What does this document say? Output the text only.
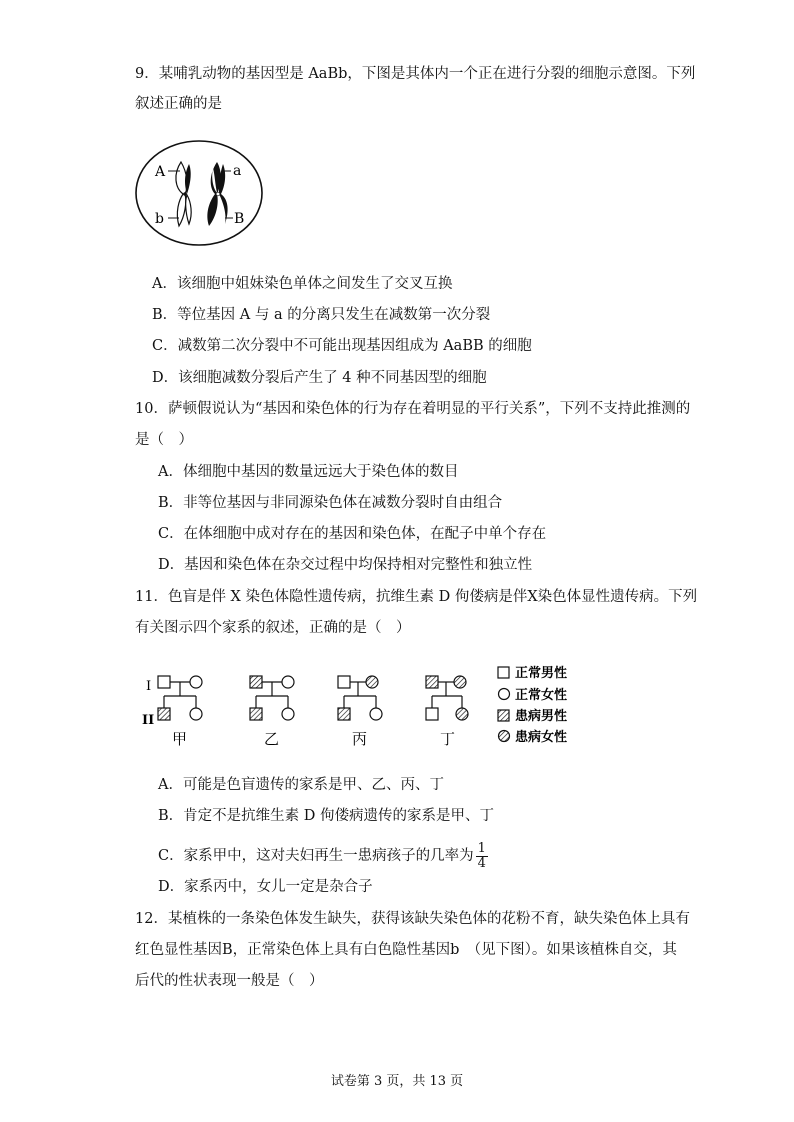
9．某哺乳动物的基因型是 AaBb，下图是其体内一个正在进行分裂的细胞示意图。下列
叙述正确的是
A	a
b	B
A．该细胞中姐妹染色单体之间发生了交叉互换
B．等位基因 A 与 a 的分离只发生在减数第一次分裂
C．减数第二次分裂中不可能出现基因组成为 AaBB 的细胞
D．该细胞减数分裂后产生了 4 种不同基因型的细胞
10．萨顿假说认为“基因和染色体的行为存在着明显的平行关系”，下列不支持此推测的
是（　）
A．体细胞中基因的数量远远大于染色体的数目
B．非等位基因与非同源染色体在减数分裂时自由组合
C．在体细胞中成对存在的基因和染色体，在配子中单个存在
D．基因和染色体在杂交过程中均保持相对完整性和独立性
11．色盲是伴 X 染色体隐性遗传病，抗维生素 D 佝偻病是伴X染色体显性遗传病。下列
有关图示四个家系的叙述，正确的是（　）
I
II
甲	乙	丙	丁
正常男性
正常女性
患病男性
患病女性
A．可能是色盲遗传的家系是甲、乙、丙、丁
B．肯定不是抗维生素 D 佝偻病遗传的家系是甲、丁
C．家系甲中，这对夫妇再生一患病孩子的几率为 $\frac{1}{4}$
D．家系丙中，女儿一定是杂合子
12．某植株的一条染色体发生缺失，获得该缺失染色体的花粉不育，缺失染色体上具有
红色显性基因B，正常染色体上具有白色隐性基因b　（见下图）。如果该植株自交，其
后代的性状表现一般是（　）
试卷第 3 页，共 13 页
